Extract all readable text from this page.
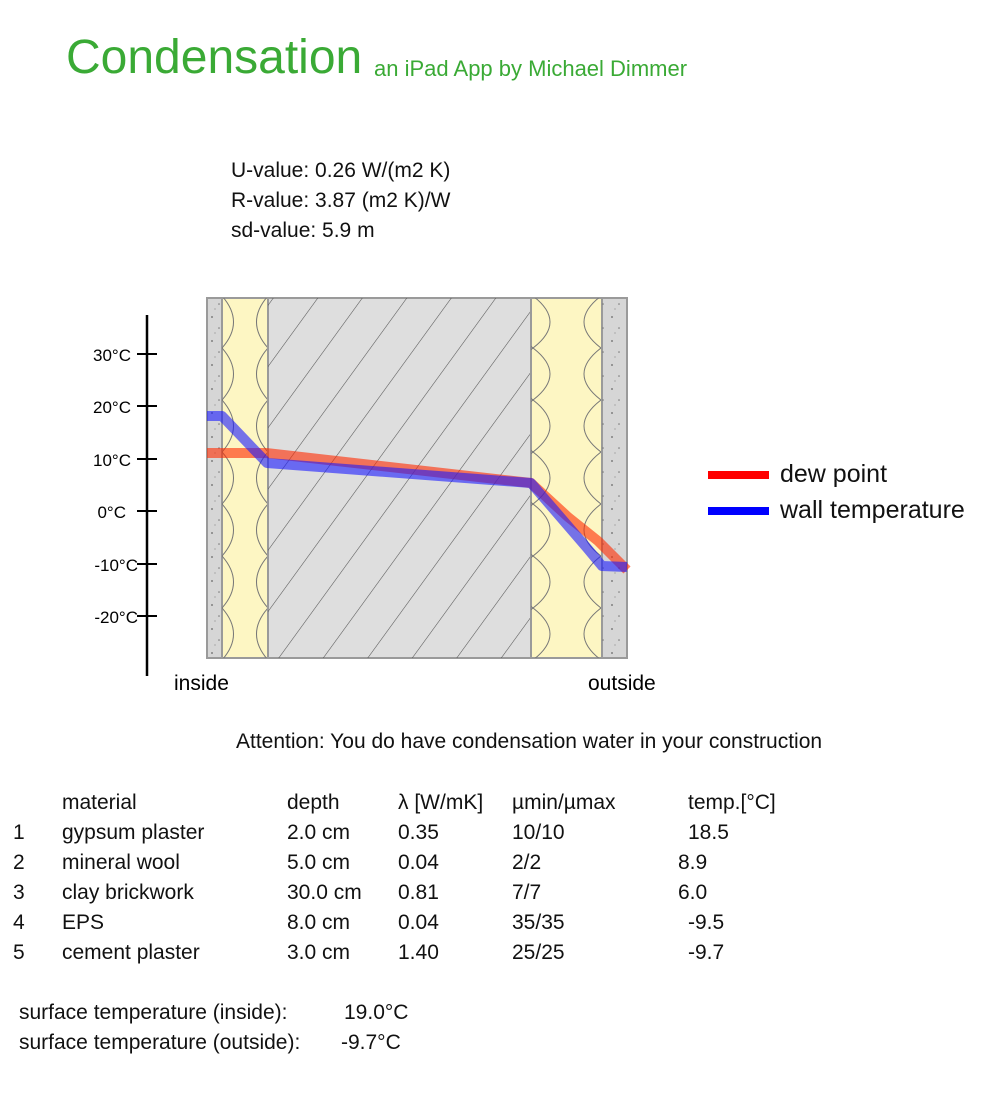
Condensation an iPad App by Michael Dimmer
U-value: 0.26 W/(m2 K)
R-value: 3.87 (m2 K)/W
sd-value: 5.9 m
30°C
20°C
10°C
0°C
-10°C
-20°C
inside	outside
dew point
wall temperature
Attention: You do have condensation water in your construction
material	depth	λ [W/mK] µmin/µmax	temp.[°C]
1 gypsum plaster	2.0 cm 0.35	10/10	18.5
2 mineral wool	5.0 cm 0.04	2/2	8.9
3 clay brickwork	30.0 cm 0.81	7/7	6.0
4 EPS	8.0 cm 0.04	35/35	-9.5
5 cement plaster	3.0 cm 1.40	25/25	-9.7
surface temperature (inside):	19.0°C
surface temperature (outside): -9.7°C
